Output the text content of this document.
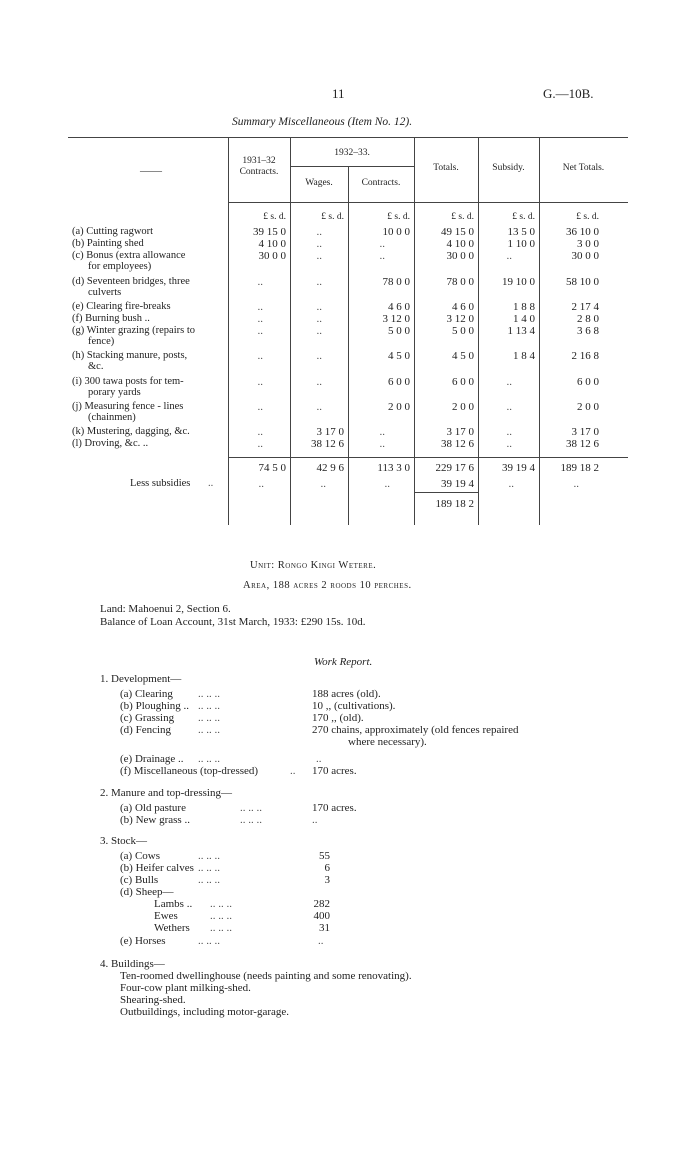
11	G.—10B.
Summary Miscellaneous (Item No. 12).
——
1931–32 Contracts.
1932–33.
Wages.	Contracts.
Totals.	Subsidy.	Net Totals.
£ s. d.	£ s. d.	£ s. d.	£ s. d.	£ s. d.	£ s. d.
(a) Cutting ragwort	39 15 0	..	10 0 0	49 15 0	13 5 0	36 10 0
(b) Painting shed	4 10 0	..	..	4 10 0	1 10 0	3 0 0
(c) Bonus (extra allowance
for employees)
30 0 0	..	..	30 0 0	..	30 0 0
(d) Seventeen bridges, three
culverts
..	..	78 0 0	78 0 0	19 10 0	58 10 0
(e) Clearing fire-breaks	..	..	4 6 0	4 6 0	1 8 8	2 17 4
(f) Burning bush ..	..	..	3 12 0	3 12 0	1 4 0	2 8 0
(g) Winter grazing (repairs to
fence)
..	..	5 0 0	5 0 0	1 13 4	3 6 8
(h) Stacking manure, posts,
&c.
..	..	4 5 0	4 5 0	1 8 4	2 16 8
(i) 300 tawa posts for tem-
porary yards
..	..	6 0 0	6 0 0	..	6 0 0
(j) Measuring fence - lines
(chainmen)
..	..	2 0 0	2 0 0	..	2 0 0
(k) Mustering, dagging, &c.	..	3 17 0	..	3 17 0	..	3 17 0
(l) Droving, &c. ..	..	38 12 6	..	38 12 6	..	38 12 6
74 5 0	42 9 6	113 3 0	229 17 6	39 19 4	189 18 2
Less subsidies ..	..	..	..	39 19 4	..	..
189 18 2
Unit: Rongo Kingi Wetere.
Area, 188 acres 2 roods 10 perches.
Land: Mahoenui 2, Section 6.
Balance of Loan Account, 31st March, 1933: £290 15s. 10d.
Work Report.
1. Development—
(a) Clearing .. .. ..	188 acres (old).
(b) Ploughing .. .. .. ..	10 ,, (cultivations).
(c) Grassing .. .. ..	170 ,, (old).
(d) Fencing .. .. ..	270 chains, approximately (old fences repaired
where necessary).
(e) Drainage .. .. .. ..	..
(f) Miscellaneous (top-dressed)	.. 170 acres.
2. Manure and top-dressing—
(a) Old pasture	.. .. ..	170 acres.
(b) New grass ..	.. .. ..	..
3. Stock—
(a) Cows	.. .. ..	55
(b) Heifer calves .. .. ..	6
(c) Bulls	.. .. ..	3
(d) Sheep—
Lambs .. .. .. ..	282
Ewes	.. .. ..	400
Wethers .. .. ..	31
(e) Horses	.. .. ..	..
4. Buildings—
Ten-roomed dwellinghouse (needs painting and some renovating).
Four-cow plant milking-shed.
Shearing-shed.
Outbuildings, including motor-garage.
